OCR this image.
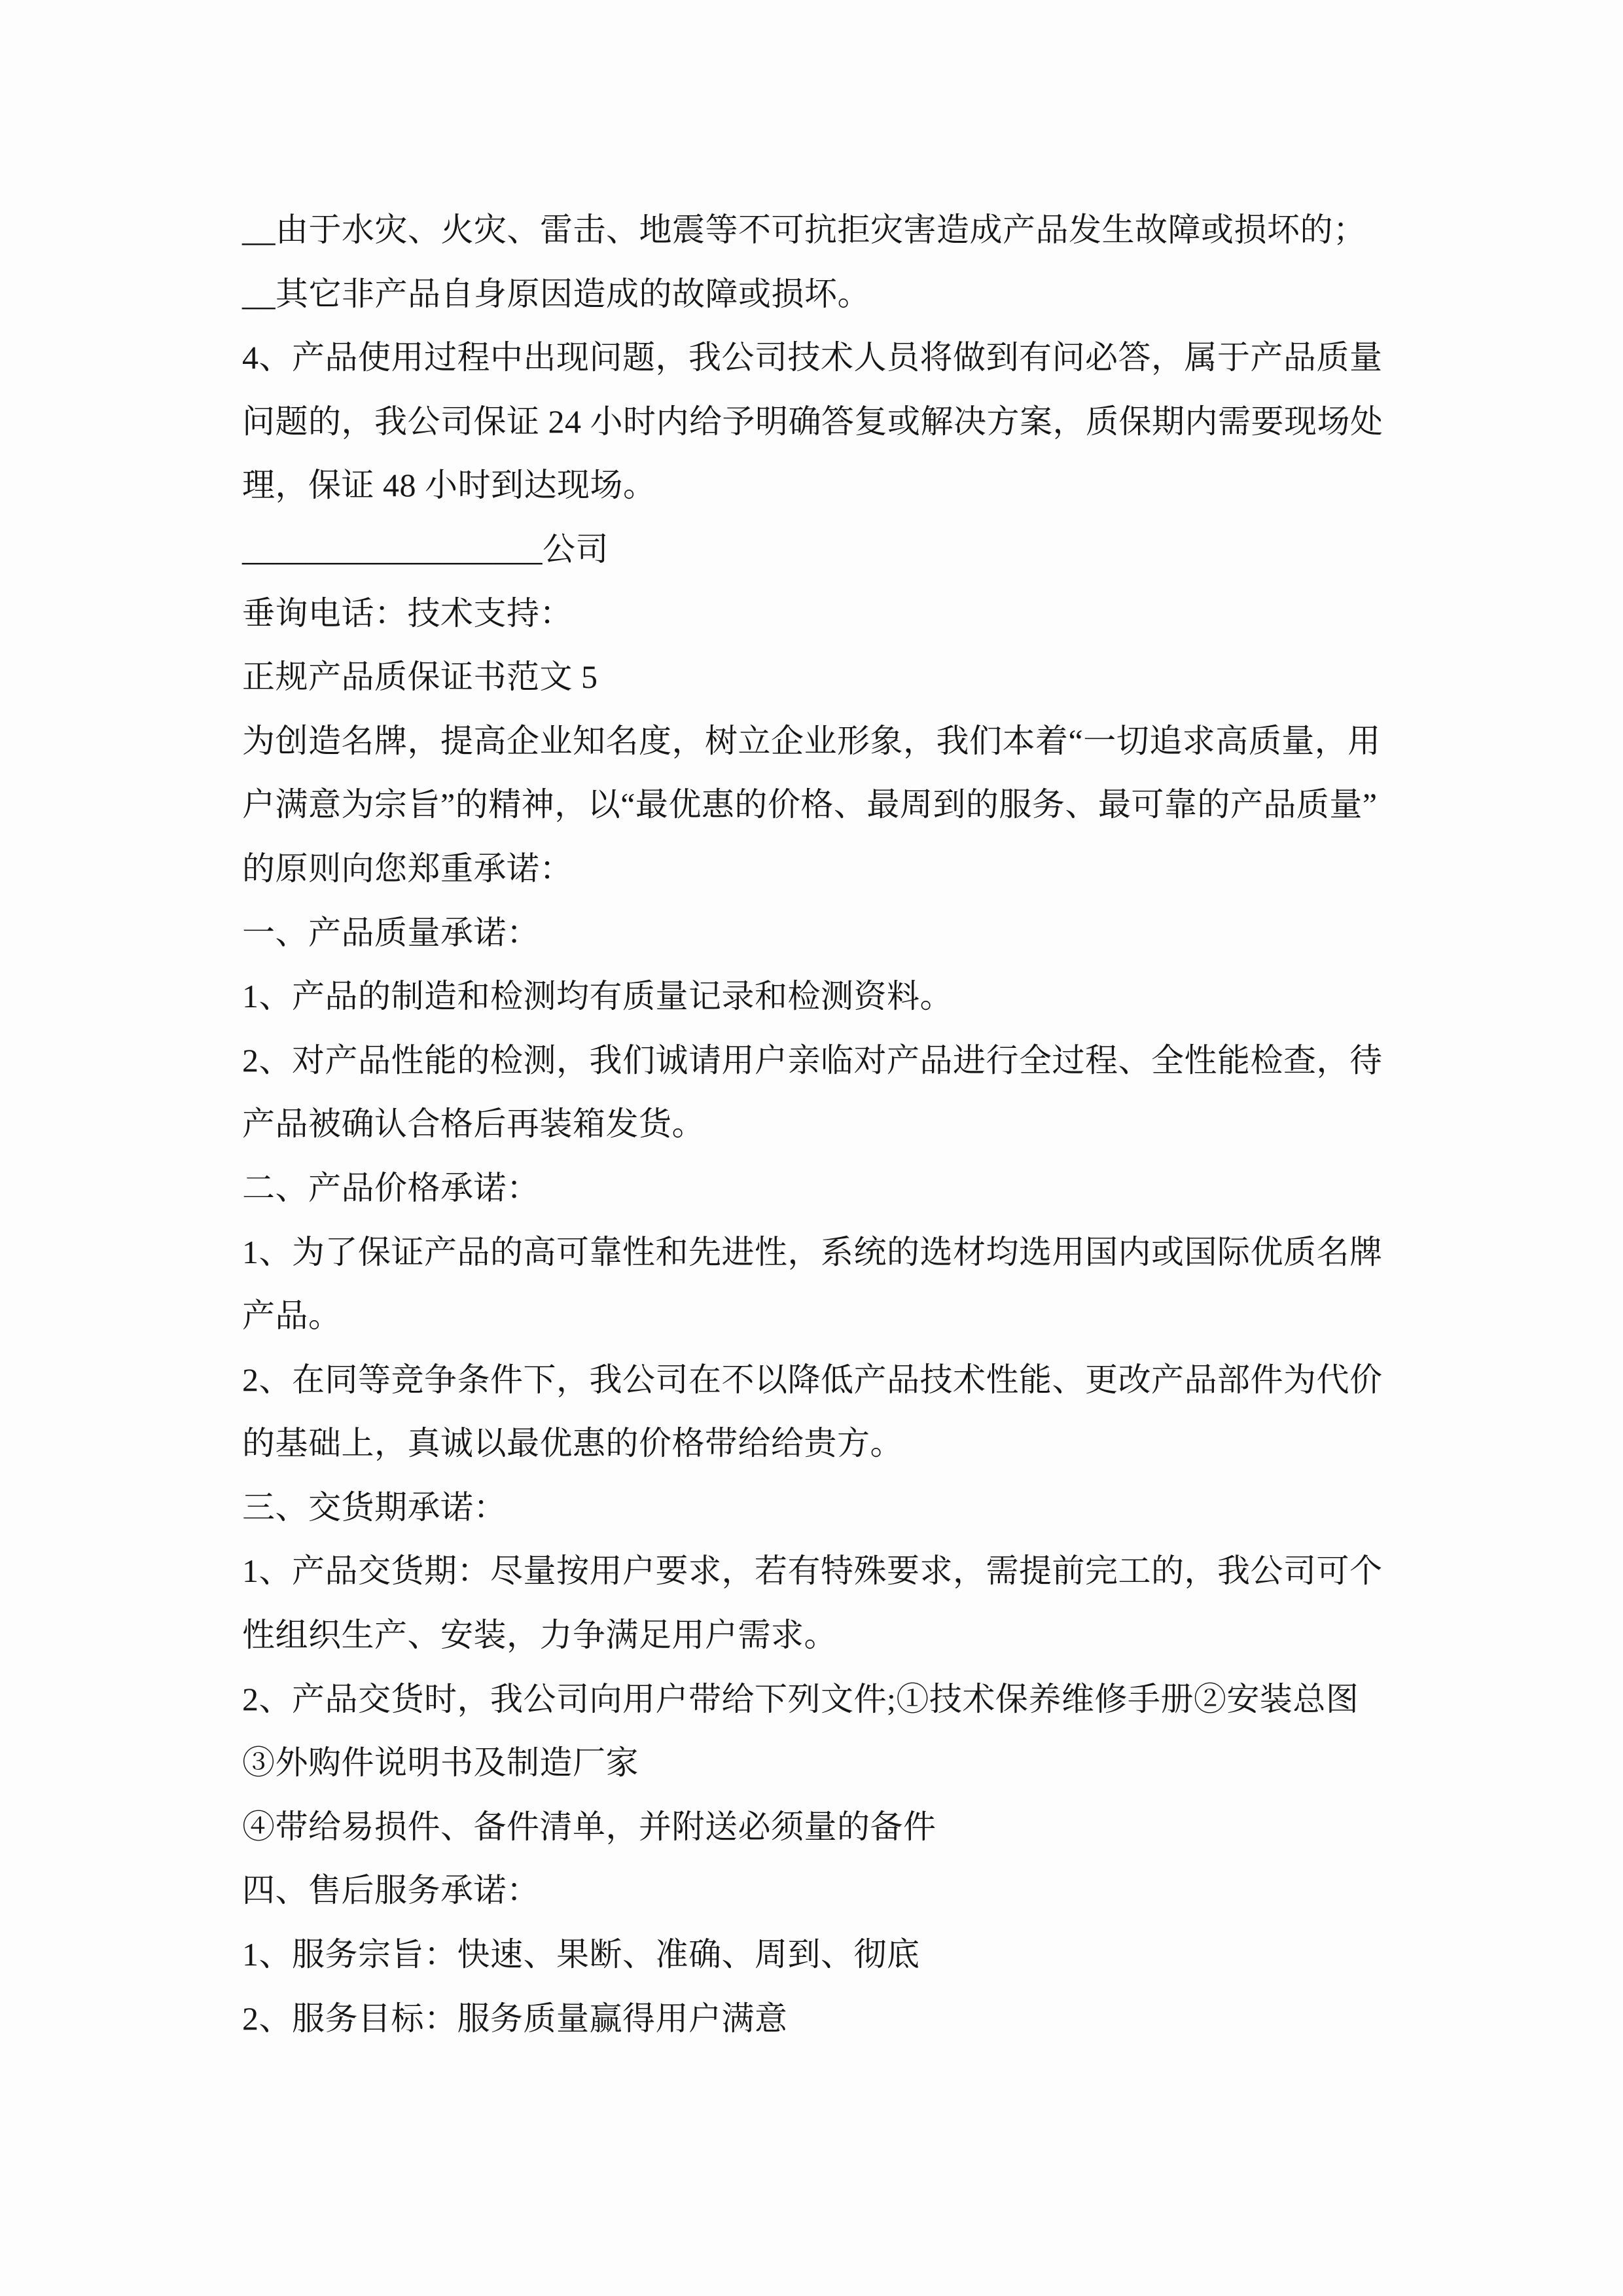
__由于水灾、火灾、雷击、地震等不可抗拒灾害造成产品发生故障或损坏的；
__其它非产品自身原因造成的故障或损坏。
4、产品使用过程中出现问题，我公司技术人员将做到有问必答，属于产品质量
问题的，我公司保证 24 小时内给予明确答复或解决方案，质保期内需要现场处
理，保证 48 小时到达现场。
__________________公司
垂询电话：技术支持：
正规产品质保证书范文 5
为创造名牌，提高企业知名度，树立企业形象，我们本着“一切追求高质量，用
户满意为宗旨”的精神，以“最优惠的价格、最周到的服务、最可靠的产品质量”
的原则向您郑重承诺：
一、产品质量承诺：
1、产品的制造和检测均有质量记录和检测资料。
2、对产品性能的检测，我们诚请用户亲临对产品进行全过程、全性能检查，待
产品被确认合格后再装箱发货。
二、产品价格承诺：
1、为了保证产品的高可靠性和先进性，系统的选材均选用国内或国际优质名牌
产品。
2、在同等竞争条件下，我公司在不以降低产品技术性能、更改产品部件为代价
的基础上，真诚以最优惠的价格带给给贵方。
三、交货期承诺：
1、产品交货期：尽量按用户要求，若有特殊要求，需提前完工的，我公司可个
性组织生产、安装，力争满足用户需求。
2、产品交货时，我公司向用户带给下列文件;①技术保养维修手册②安装总图
③外购件说明书及制造厂家
④带给易损件、备件清单，并附送必须量的备件
四、售后服务承诺：
1、服务宗旨：快速、果断、准确、周到、彻底
2、服务目标：服务质量赢得用户满意
